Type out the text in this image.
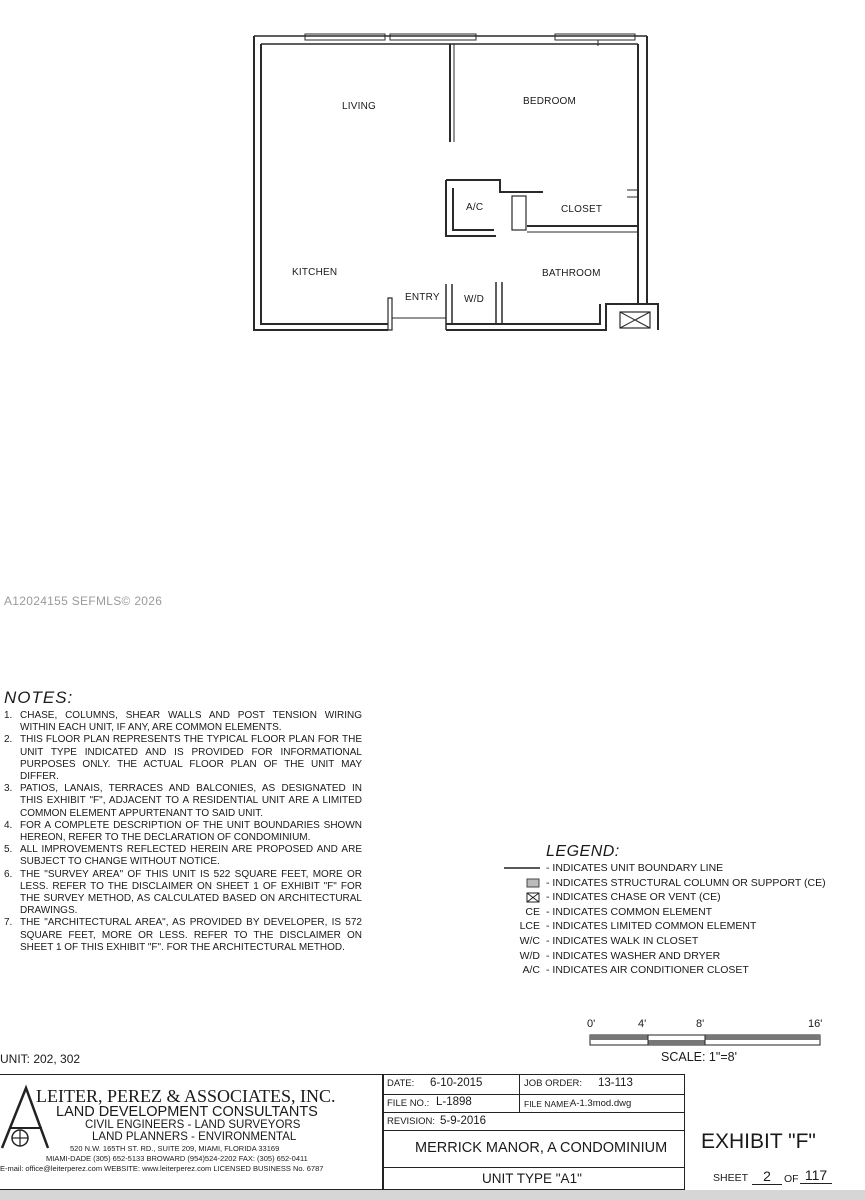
LIVING	BEDROOM
A/C	CLOSET
KITCHEN	BATHROOM
ENTRY W/D
A12024155 SEFMLS© 2026
NOTES:
1. CHASE, COLUMNS, SHEAR WALLS AND POST TENSION WIRING WITHIN EACH UNIT, IF ANY, ARE COMMON ELEMENTS.
2. THIS FLOOR PLAN REPRESENTS THE TYPICAL FLOOR PLAN FOR THE UNIT TYPE INDICATED AND IS PROVIDED FOR INFORMATIONAL PURPOSES ONLY. THE ACTUAL FLOOR PLAN OF THE UNIT MAY DIFFER.
3. PATIOS, LANAIS, TERRACES AND BALCONIES, AS DESIGNATED IN THIS EXHIBIT "F", ADJACENT TO A RESIDENTIAL UNIT ARE A LIMITED COMMON ELEMENT APPURTENANT TO SAID UNIT.
4. FOR A COMPLETE DESCRIPTION OF THE UNIT BOUNDARIES SHOWN HEREON, REFER TO THE DECLARATION OF CONDOMINIUM.
5. ALL IMPROVEMENTS REFLECTED HEREIN ARE PROPOSED AND ARE SUBJECT TO CHANGE WITHOUT NOTICE.
6. THE "SURVEY AREA" OF THIS UNIT IS 522 SQUARE FEET, MORE OR LESS. REFER TO THE DISCLAIMER ON SHEET 1 OF EXHIBIT "F" FOR THE SURVEY METHOD, AS CALCULATED BASED ON ARCHITECTURAL DRAWINGS.
7. THE "ARCHITECTURAL AREA", AS PROVIDED BY DEVELOPER, IS 572 SQUARE FEET, MORE OR LESS. REFER TO THE DISCLAIMER ON SHEET 1 OF THIS EXHIBIT "F". FOR THE ARCHITECTURAL METHOD.
LEGEND:
- INDICATES UNIT BOUNDARY LINE
- INDICATES STRUCTURAL COLUMN OR SUPPORT (CE)
- INDICATES CHASE OR VENT (CE)
CE - INDICATES COMMON ELEMENT
LCE - INDICATES LIMITED COMMON ELEMENT
W/C - INDICATES WALK IN CLOSET
W/D - INDICATES WASHER AND DRYER
A/C - INDICATES AIR CONDITIONER CLOSET
0'	4'	8'	16'
SCALE: 1"=8'
UNIT: 202, 302
LEITER, PEREZ & ASSOCIATES, INC.
LAND DEVELOPMENT CONSULTANTS
CIVIL ENGINEERS - LAND SURVEYORS
LAND PLANNERS - ENVIRONMENTAL
520 N.W. 165TH ST. RD., SUITE 209, MIAMI, FLORIDA 33169
MIAMI-DADE (305) 652-5133 BROWARD (954)524-2202 FAX: (305) 652-0411
E-mail: office@leiterperez.com WEBSITE: www.leiterperez.com LICENSED BUSINESS No. 6787
DATE: 6-10-2015	JOB ORDER: 13-113
FILE NO.: L-1898	FILE NAME:
A-1.3mod.dwg
REVISION: 5-9-2016
MERRICK MANOR, A CONDOMINIUM
UNIT TYPE "A1"
EXHIBIT "F"
SHEET	2	OF 117
